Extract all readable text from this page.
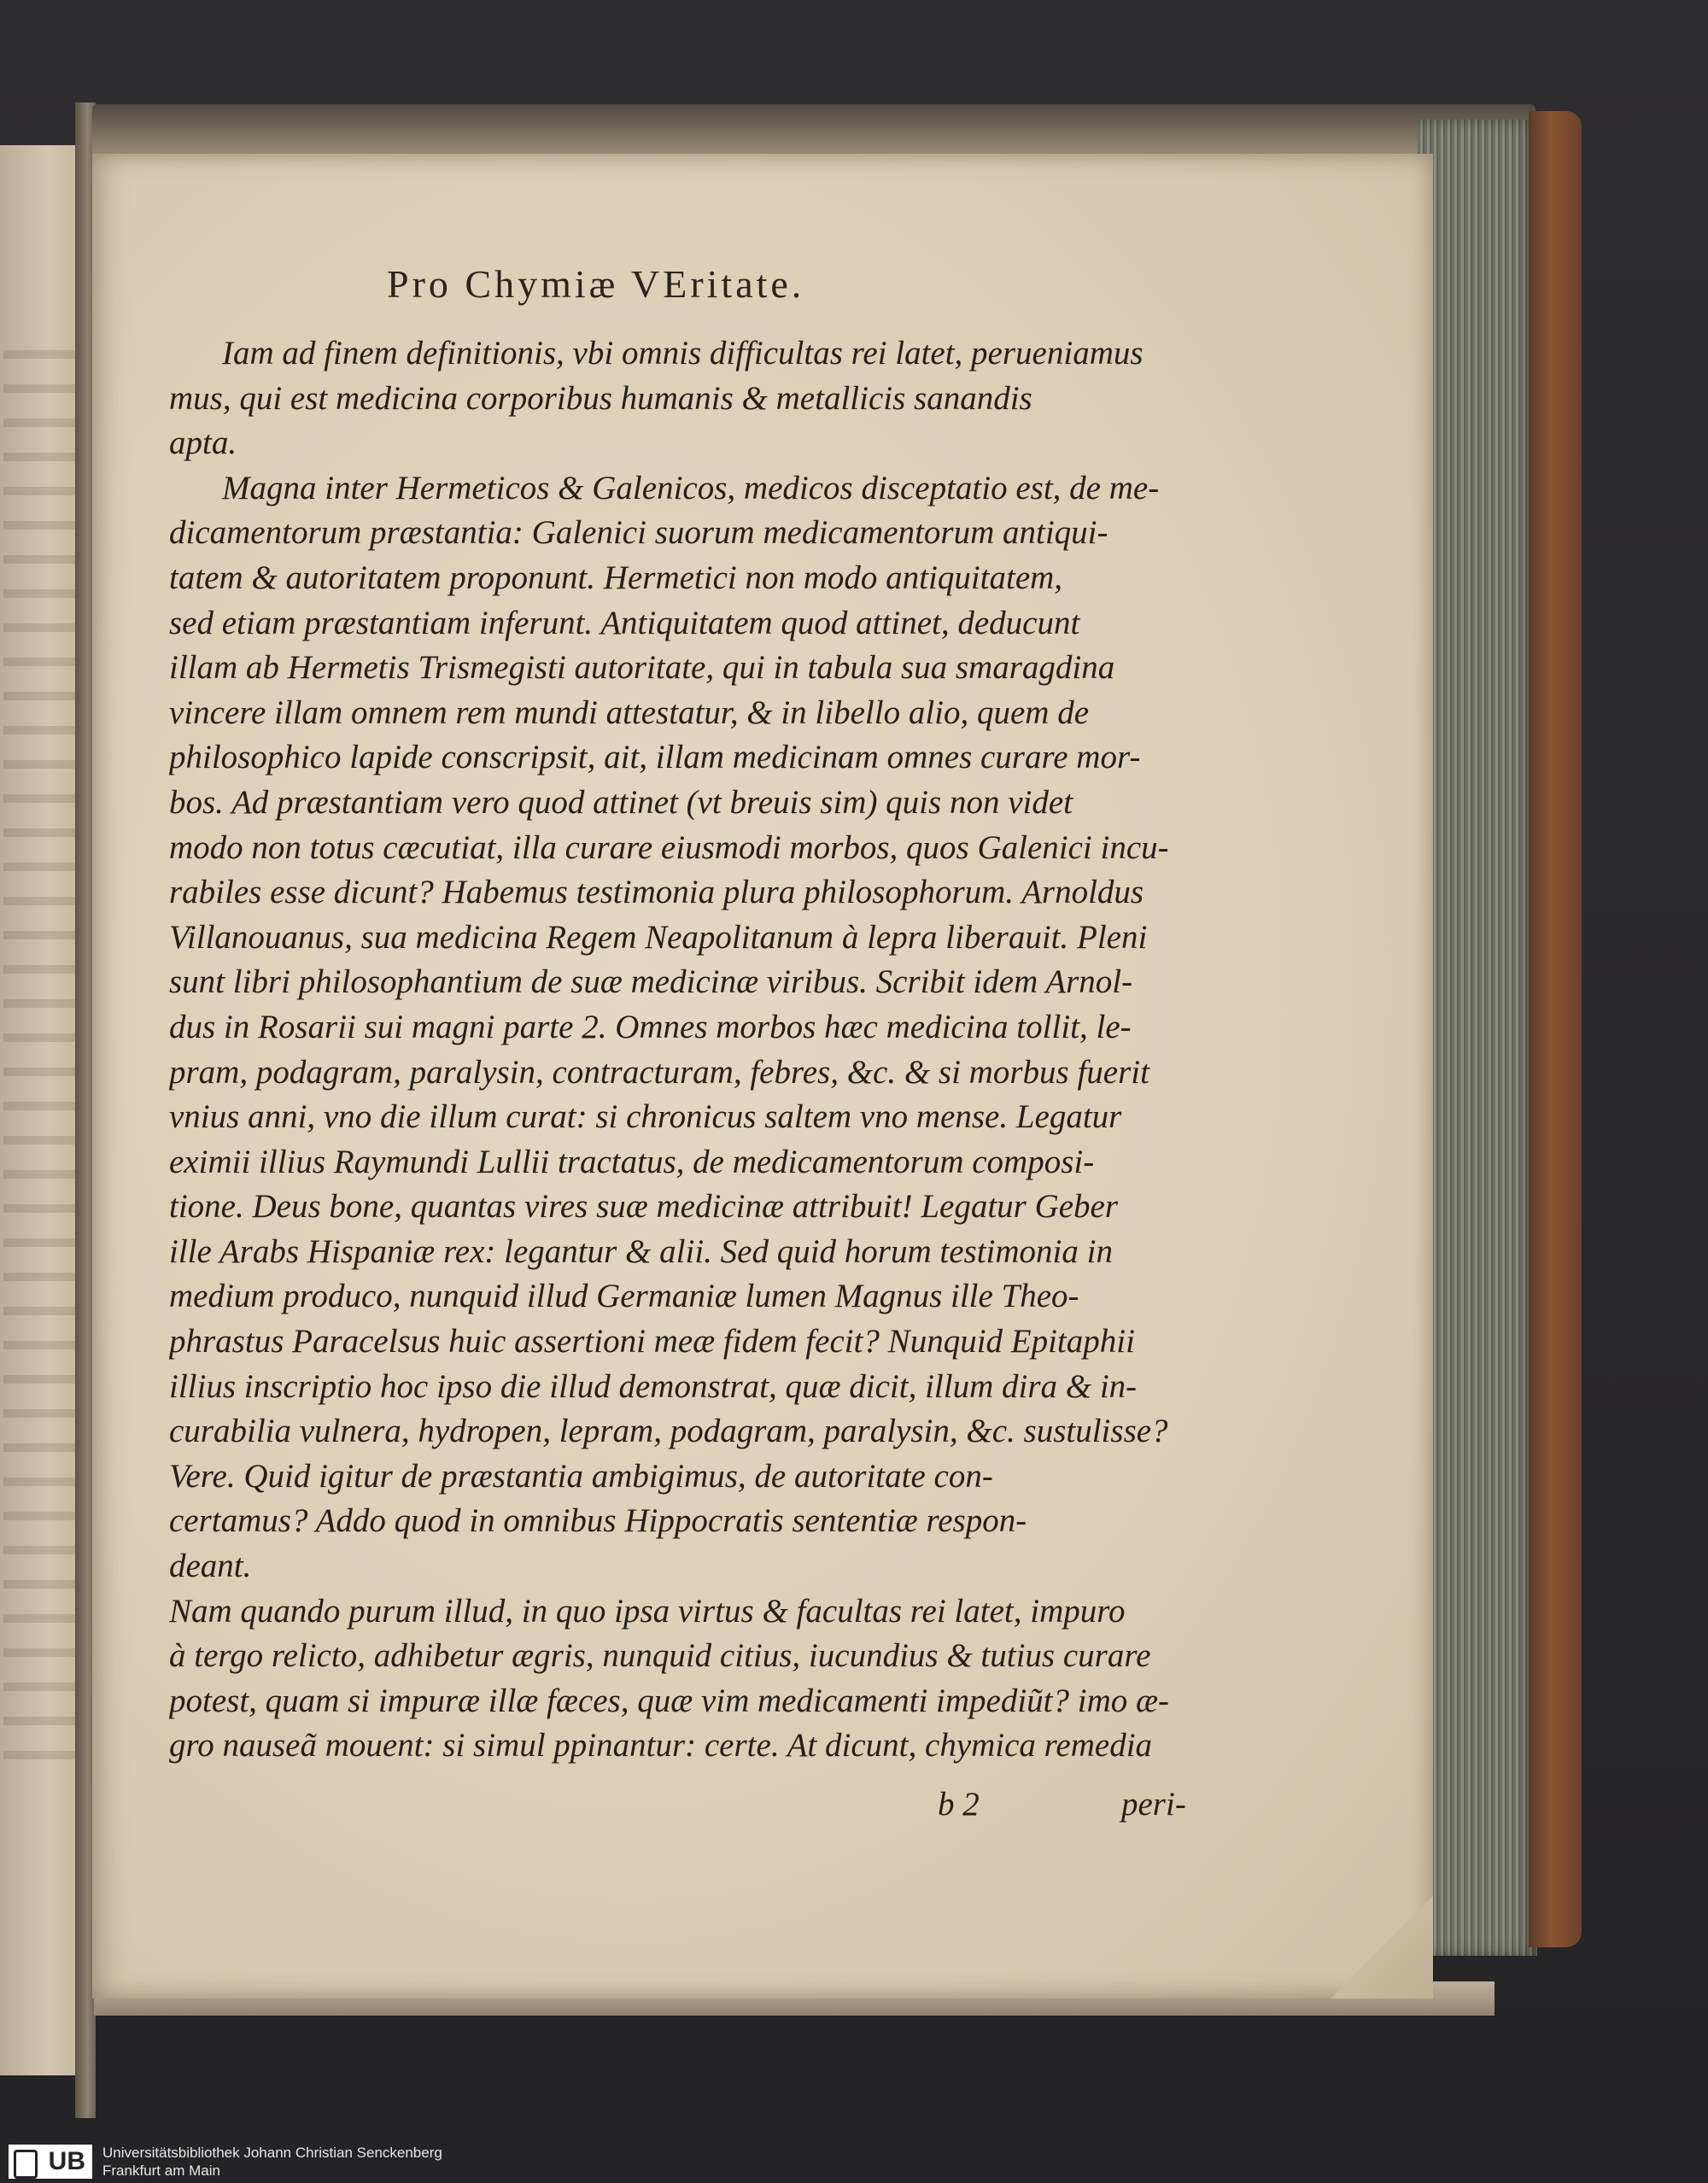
Pro Chymiæ VEritate.
Iam ad finem definitionis, vbi omnis difficultas rei latet, perueniamus
mus, qui est medicina corporibus humanis & metallicis sanandis
apta.
Magna inter Hermeticos & Galenicos, medicos disceptatio est, de me-
dicamentorum præstantia: Galenici suorum medicamentorum antiqui-
tatem & autoritatem proponunt. Hermetici non modo antiquitatem,
sed etiam præstantiam inferunt. Antiquitatem quod attinet, deducunt
illam ab Hermetis Trismegisti autoritate, qui in tabula sua smaragdina
vincere illam omnem rem mundi attestatur, & in libello alio, quem de
philosophico lapide conscripsit, ait, illam medicinam omnes curare mor-
bos. Ad præstantiam vero quod attinet (vt breuis sim) quis non videt
modo non totus cæcutiat, illa curare eiusmodi morbos, quos Galenici incu-
rabiles esse dicunt? Habemus testimonia plura philosophorum. Arnoldus
Villanouanus, sua medicina Regem Neapolitanum à lepra liberauit. Pleni
sunt libri philosophantium de suæ medicinæ viribus. Scribit idem Arnol-
dus in Rosarii sui magni parte 2. Omnes morbos hæc medicina tollit, le-
pram, podagram, paralysin, contracturam, febres, &c. & si morbus fuerit
vnius anni, vno die illum curat: si chronicus saltem vno mense. Legatur
eximii illius Raymundi Lullii tractatus, de medicamentorum composi-
tione. Deus bone, quantas vires suæ medicinæ attribuit! Legatur Geber
ille Arabs Hispaniæ rex: legantur & alii. Sed quid horum testimonia in
medium produco, nunquid illud Germaniæ lumen Magnus ille Theo-
phrastus Paracelsus huic assertioni meæ fidem fecit? Nunquid Epitaphii
illius inscriptio hoc ipso die illud demonstrat, quæ dicit, illum dira & in-
curabilia vulnera, hydropen, lepram, podagram, paralysin, &c. sustulisse?
Vere. Quid igitur de præstantia ambigimus, de autoritate con-
certamus? Addo quod in omnibus Hippocratis sententiæ respon-
deant.
Nam quando purum illud, in quo ipsa virtus & facultas rei latet, impuro
à tergo relicto, adhibetur ægris, nunquid citius, iucundius & tutius curare
potest, quam si impuræ illæ fæces, quæ vim medicamenti impediũt? imo æ-
gro nauseã mouent: si simul ppinantur: certe. At dicunt, chymica remedia
b 2	peri-
UB	Universitätsbibliothek Johann Christian Senckenberg
Frankfurt am Main
